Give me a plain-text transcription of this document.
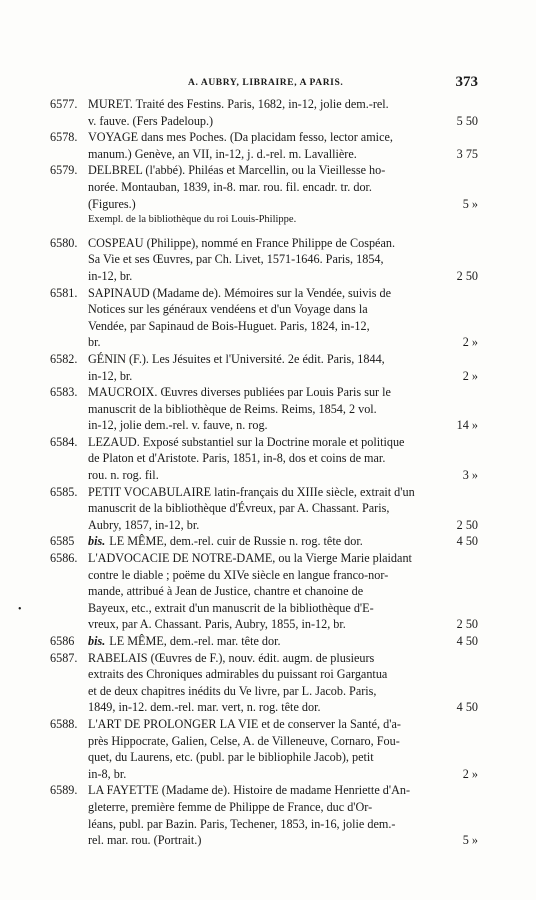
A. AUBRY, LIBRAIRE, A PARIS.	373
6577. MURET. Traité des Festins. Paris, 1682, in-12, jolie dem.-rel.
v. fauve. (Fers Padeloup.)	5 50
6578. VOYAGE dans mes Poches. (Da placidam fesso, lector amice,
manum.) Genève, an VII, in-12, j. d.-rel. m. Lavallière.	3 75
6579. DELBREL (l'abbé). Philéas et Marcellin, ou la Vieillesse ho-
norée. Montauban, 1839, in-8. mar. rou. fil. encadr. tr. dor.
(Figures.)	5 »
Exempl. de la bibliothèque du roi Louis-Philippe.
6580. COSPEAU (Philippe), nommé en France Philippe de Cospéan.
Sa Vie et ses Œuvres, par Ch. Livet, 1571-1646. Paris, 1854,
in-12, br.	2 50
6581. SAPINAUD (Madame de). Mémoires sur la Vendée, suivis de
Notices sur les généraux vendéens et d'un Voyage dans la
Vendée, par Sapinaud de Bois-Huguet. Paris, 1824, in-12,
br.	2 »
6582. GÉNIN (F.). Les Jésuites et l'Université. 2e édit. Paris, 1844,
in-12, br.	2 »
6583. MAUCROIX. Œuvres diverses publiées par Louis Paris sur le
manuscrit de la bibliothèque de Reims. Reims, 1854, 2 vol.
in-12, jolie dem.-rel. v. fauve, n. rog.	14 »
6584. LEZAUD. Exposé substantiel sur la Doctrine morale et politique
de Platon et d'Aristote. Paris, 1851, in-8, dos et coins de mar.
rou. n. rog. fil.	3 »
6585. PETIT VOCABULAIRE latin-français du XIIIe siècle, extrait d'un
manuscrit de la bibliothèque d'Évreux, par A. Chassant. Paris,
Aubry, 1857, in-12, br.	2 50
6585 bis. LE MÊME, dem.-rel. cuir de Russie n. rog. tête dor.	4 50
6586. L'ADVOCACIE DE NOTRE-DAME, ou la Vierge Marie plaidant
contre le diable ; poëme du XIVe siècle en langue franco-nor-
mande, attribué à Jean de Justice, chantre et chanoine de
Bayeux, etc., extrait d'un manuscrit de la bibliothèque d'E-
vreux, par A. Chassant. Paris, Aubry, 1855, in-12, br.	2 50
6586 bis. LE MÊME, dem.-rel. mar. tête dor.	4 50
6587. RABELAIS (Œuvres de F.), nouv. édit. augm. de plusieurs
extraits des Chroniques admirables du puissant roi Gargantua
et de deux chapitres inédits du Ve livre, par L. Jacob. Paris,
1849, in-12. dem.-rel. mar. vert, n. rog. tête dor.	4 50
6588. L'ART DE PROLONGER LA VIE et de conserver la Santé, d'a-
près Hippocrate, Galien, Celse, A. de Villeneuve, Cornaro, Fou-
quet, du Laurens, etc. (publ. par le bibliophile Jacob), petit
in-8, br.	2 »
6589. LA FAYETTE (Madame de). Histoire de madame Henriette d'An-
gleterre, première femme de Philippe de France, duc d'Or-
léans, publ. par Bazin. Paris, Techener, 1853, in-16, jolie dem.-
rel. mar. rou. (Portrait.)	5 »
•
